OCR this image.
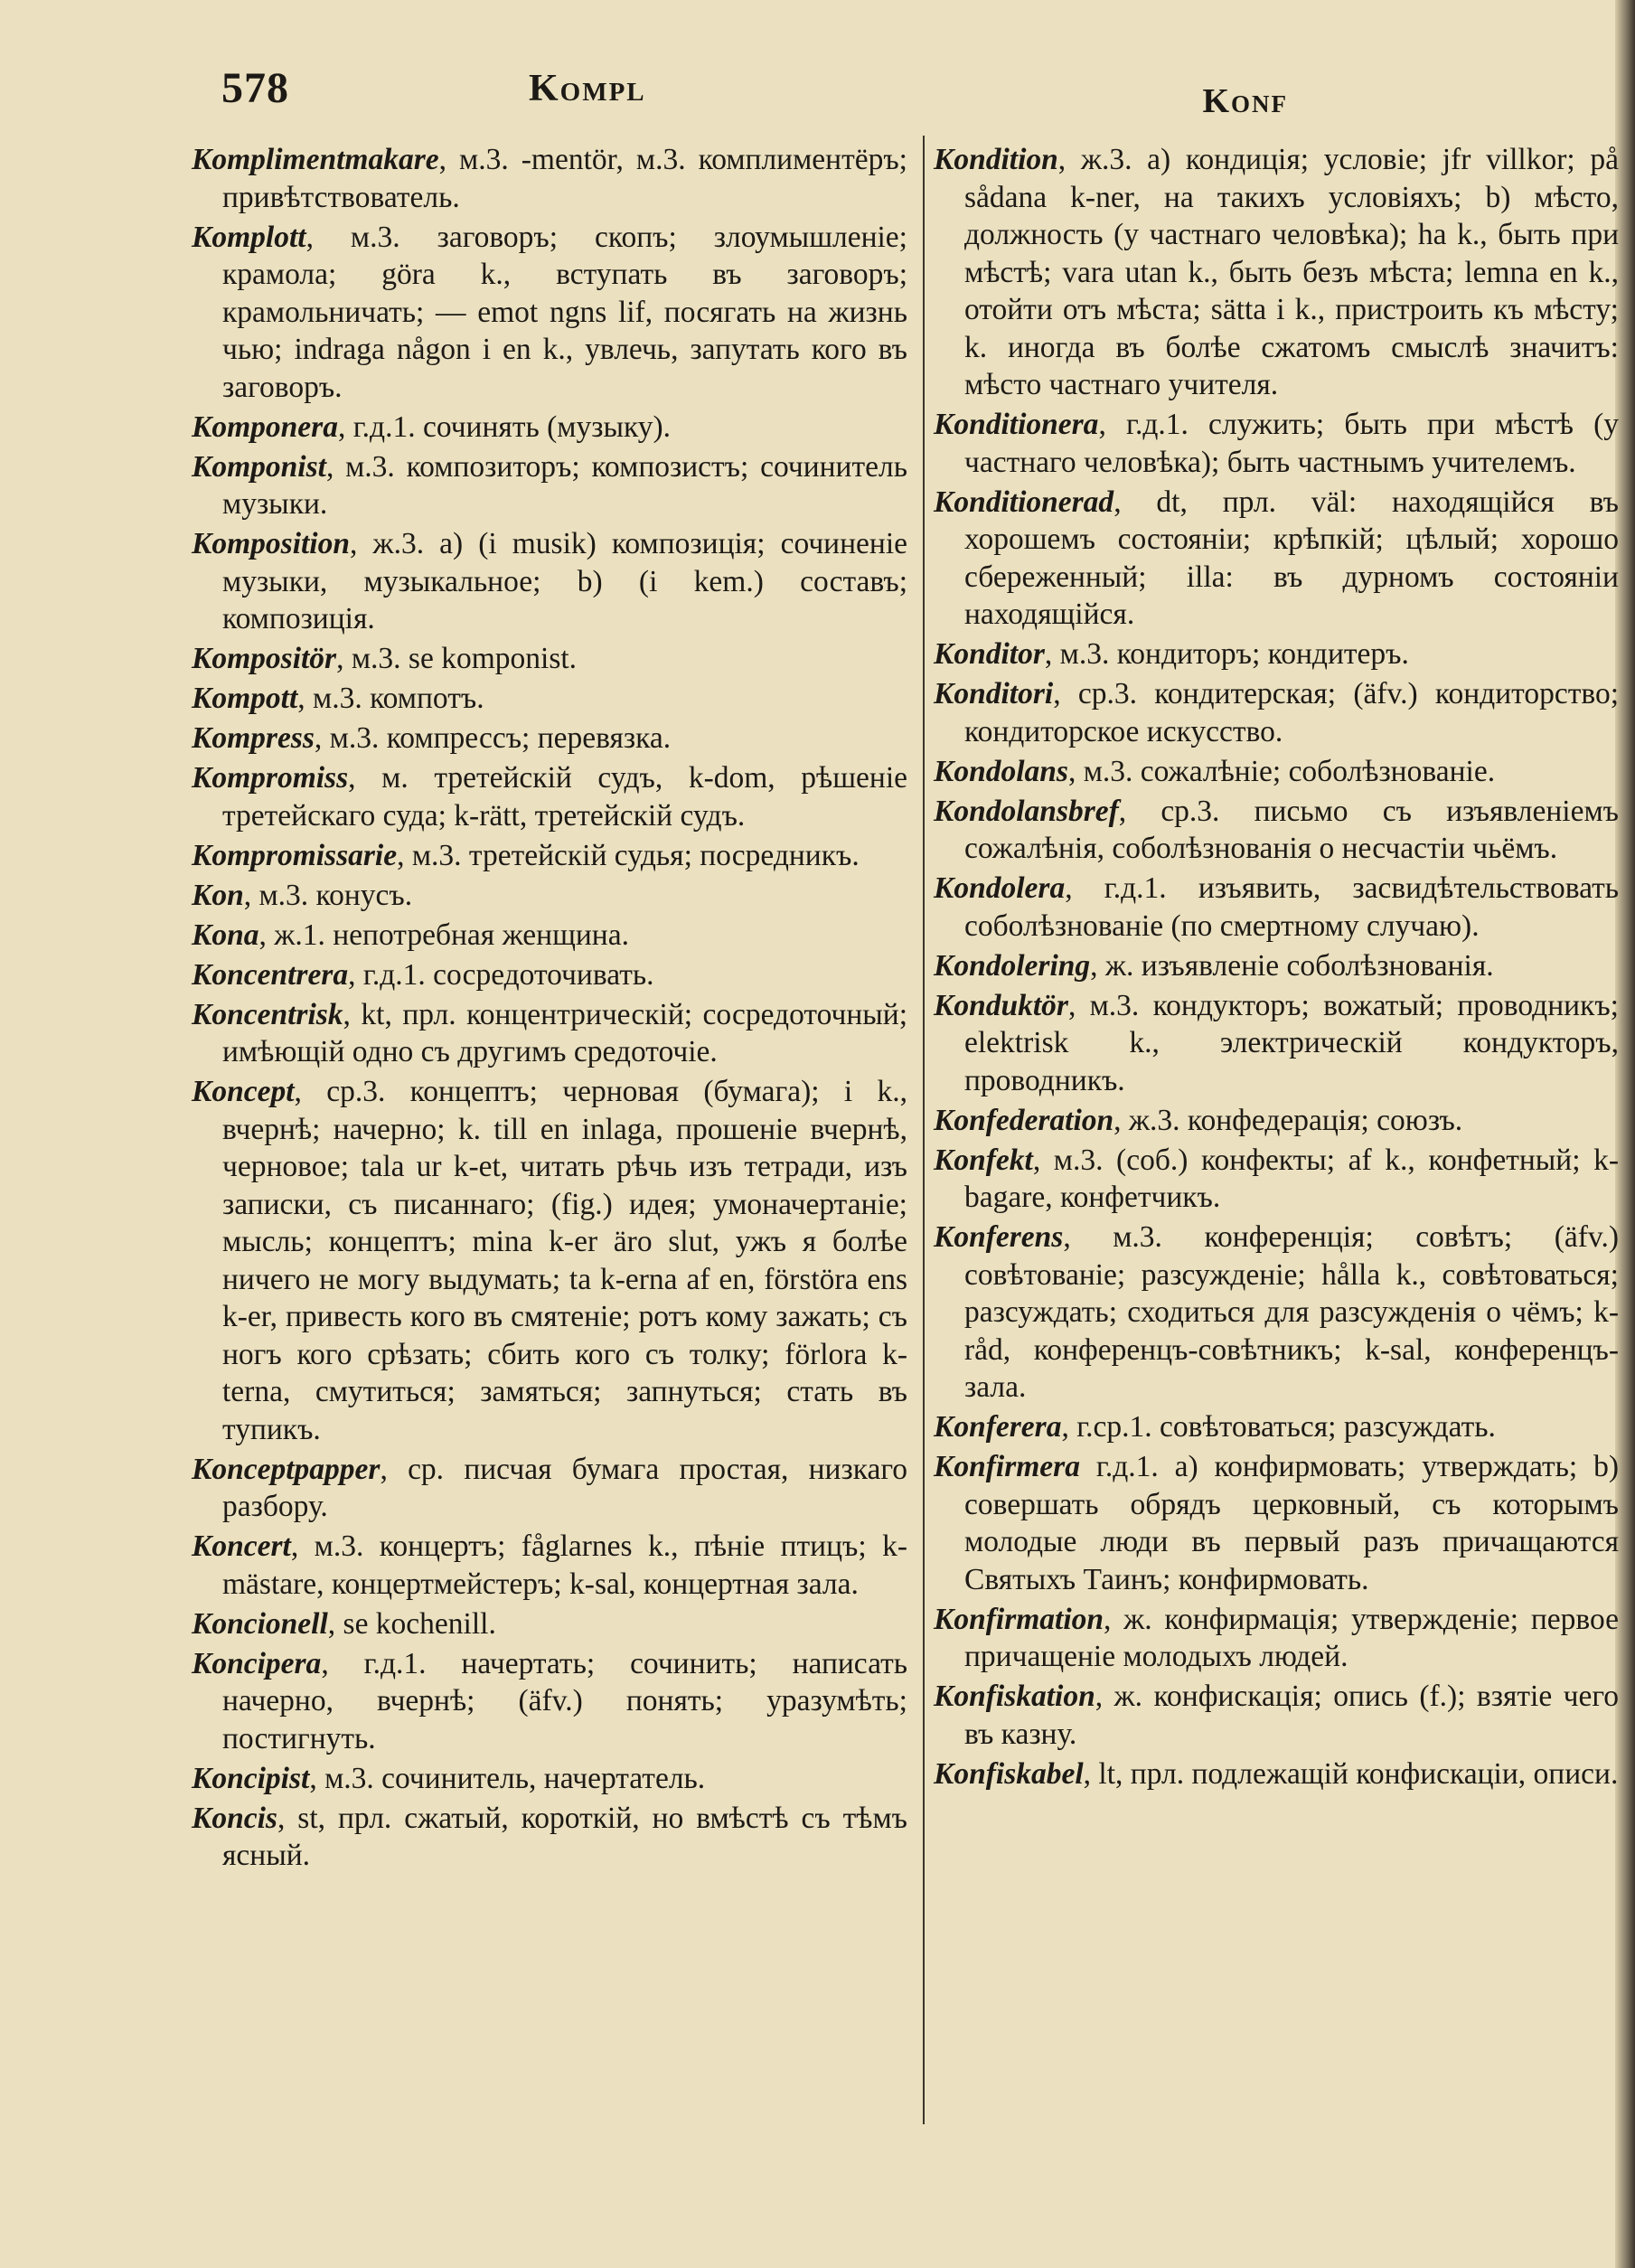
578	Kompl	Konf

Komplimentmakare, м.3. -mentör, м.3. комплиментёръ; привѣтствователь.

Komplott, м.3. заговоръ; скопъ; злоумышленіе; крамола; göra k., вступать въ заговоръ; крамольничать; — emot ngns lif, посягать на жизнь чью; indraga någon i en k., увлечь, запутать кого въ заговоръ.

Komponera, г.д.1. сочинять (музыку).

Komponist, м.3. композиторъ; композистъ; сочинитель музыки.

Komposition, ж.3. a) (i musik) композиція; сочиненіе музыки, музыкальное; b) (i kem.) составъ; композиція.

Kompositör, м.3. se komponist.

Kompott, м.3. компотъ.

Kompress, м.3. компрессъ; перевязка.

Kompromiss, м. третейскій судъ, k-dom, рѣшеніе третейскаго суда; k-rätt, третейскій судъ.

Kompromissarie, м.3. третейскій судья; посредникъ.

Kon, м.3. конусъ.

Kona, ж.1. непотребная женщина.

Koncentrera, г.д.1. сосредоточивать.

Koncentrisk, kt, прл. концентрическій; сосредоточный; имѣющій одно съ другимъ средоточіе.

Koncept, ср.3. концептъ; черновая (бумага); i k., вчернѣ; начерно; k. till en inlaga, прошеніе вчернѣ, черновое; tala ur k-et, читать рѣчь изъ тетради, изъ записки, съ писаннаго; (fig.) идея; умоначертаніе; мысль; концептъ; mina k-er äro slut, ужъ я болѣе ничего не могу выдумать; ta k-erna af en, förstöra ens k-er, привесть кого въ смятеніе; ротъ кому зажать; съ ногъ кого срѣзать; сбить кого съ толку; förlora k-terna, смутиться; замяться; запнуться; стать въ тупикъ.

Konceptpapper, ср. писчая бумага простая, низкаго разбору.

Koncert, м.3. концертъ; fåglarnes k., пѣніе птицъ; k-mästare, концертмейстеръ; k-sal, концертная зала.

Koncionell, se kochenill.

Koncipera, г.д.1. начертать; сочинить; написать начерно, вчернѣ; (äfv.) понять; уразумѣть; постигнуть.

Koncipist, м.3. сочинитель, начертатель.

Koncis, st, прл. сжатый, короткій, но вмѣстѣ съ тѣмъ ясный.

Kondition, ж.3. a) кондиція; условіе; jfr villkor; på sådana k-ner, на такихъ условіяхъ; b) мѣсто, должность (у частнаго человѣка); ha k., быть при мѣстѣ; vara utan k., быть безъ мѣста; lemna en k., отойти отъ мѣста; sätta i k., пристроить къ мѣсту; k. иногда въ болѣе сжатомъ смыслѣ значитъ: мѣсто частнаго учителя.

Konditionera, г.д.1. служить; быть при мѣстѣ (у частнаго человѣка); быть частнымъ учителемъ.

Konditionerad, dt, прл. väl: находящійся въ хорошемъ состояніи; крѣпкій; цѣлый; хорошо сбереженный; illa: въ дурномъ состояніи находящійся.

Konditor, м.3. кондиторъ; кондитеръ.

Konditori, ср.3. кондитерская; (äfv.) кондиторство; кондиторское искусство.

Kondolans, м.3. сожалѣніе; соболѣзнованіе.

Kondolansbref, ср.3. письмо съ изъявленіемъ сожалѣнія, соболѣзнованія о несчастіи чьёмъ.

Kondolera, г.д.1. изъявить, засвидѣтельствовать соболѣзнованіе (по смертному случаю).

Kondolering, ж. изъявленіе соболѣзнованія.

Konduktör, м.3. кондукторъ; вожатый; проводникъ; elektrisk k., электрическій кондукторъ, проводникъ.

Konfederation, ж.3. конфедерація; союзъ.

Konfekt, м.3. (соб.) конфекты; af k., конфетный; k-bagare, конфетчикъ.

Konferens, м.3. конференція; совѣтъ; (äfv.) совѣтованіе; разсужденіе; hålla k., совѣтоваться; разсуждать; сходиться для разсужденія о чёмъ; k-råd, конференцъ-совѣтникъ; k-sal, конференцъ-зала.

Konferera, г.ср.1. совѣтоваться; разсуждать.

Konfirmera г.д.1. a) конфирмовать; утверждать; b) совершать обрядъ церковный, съ которымъ молодые люди въ первый разъ причащаются Святыхъ Таинъ; конфирмовать.

Konfirmation, ж. конфирмація; утвержденіе; первое причащеніе молодыхъ людей.

Konfiskation, ж. конфискація; опись (f.); взятіе чего въ казну.

Konfiskabel, lt, прл. подлежащій конфискаціи, описи.
